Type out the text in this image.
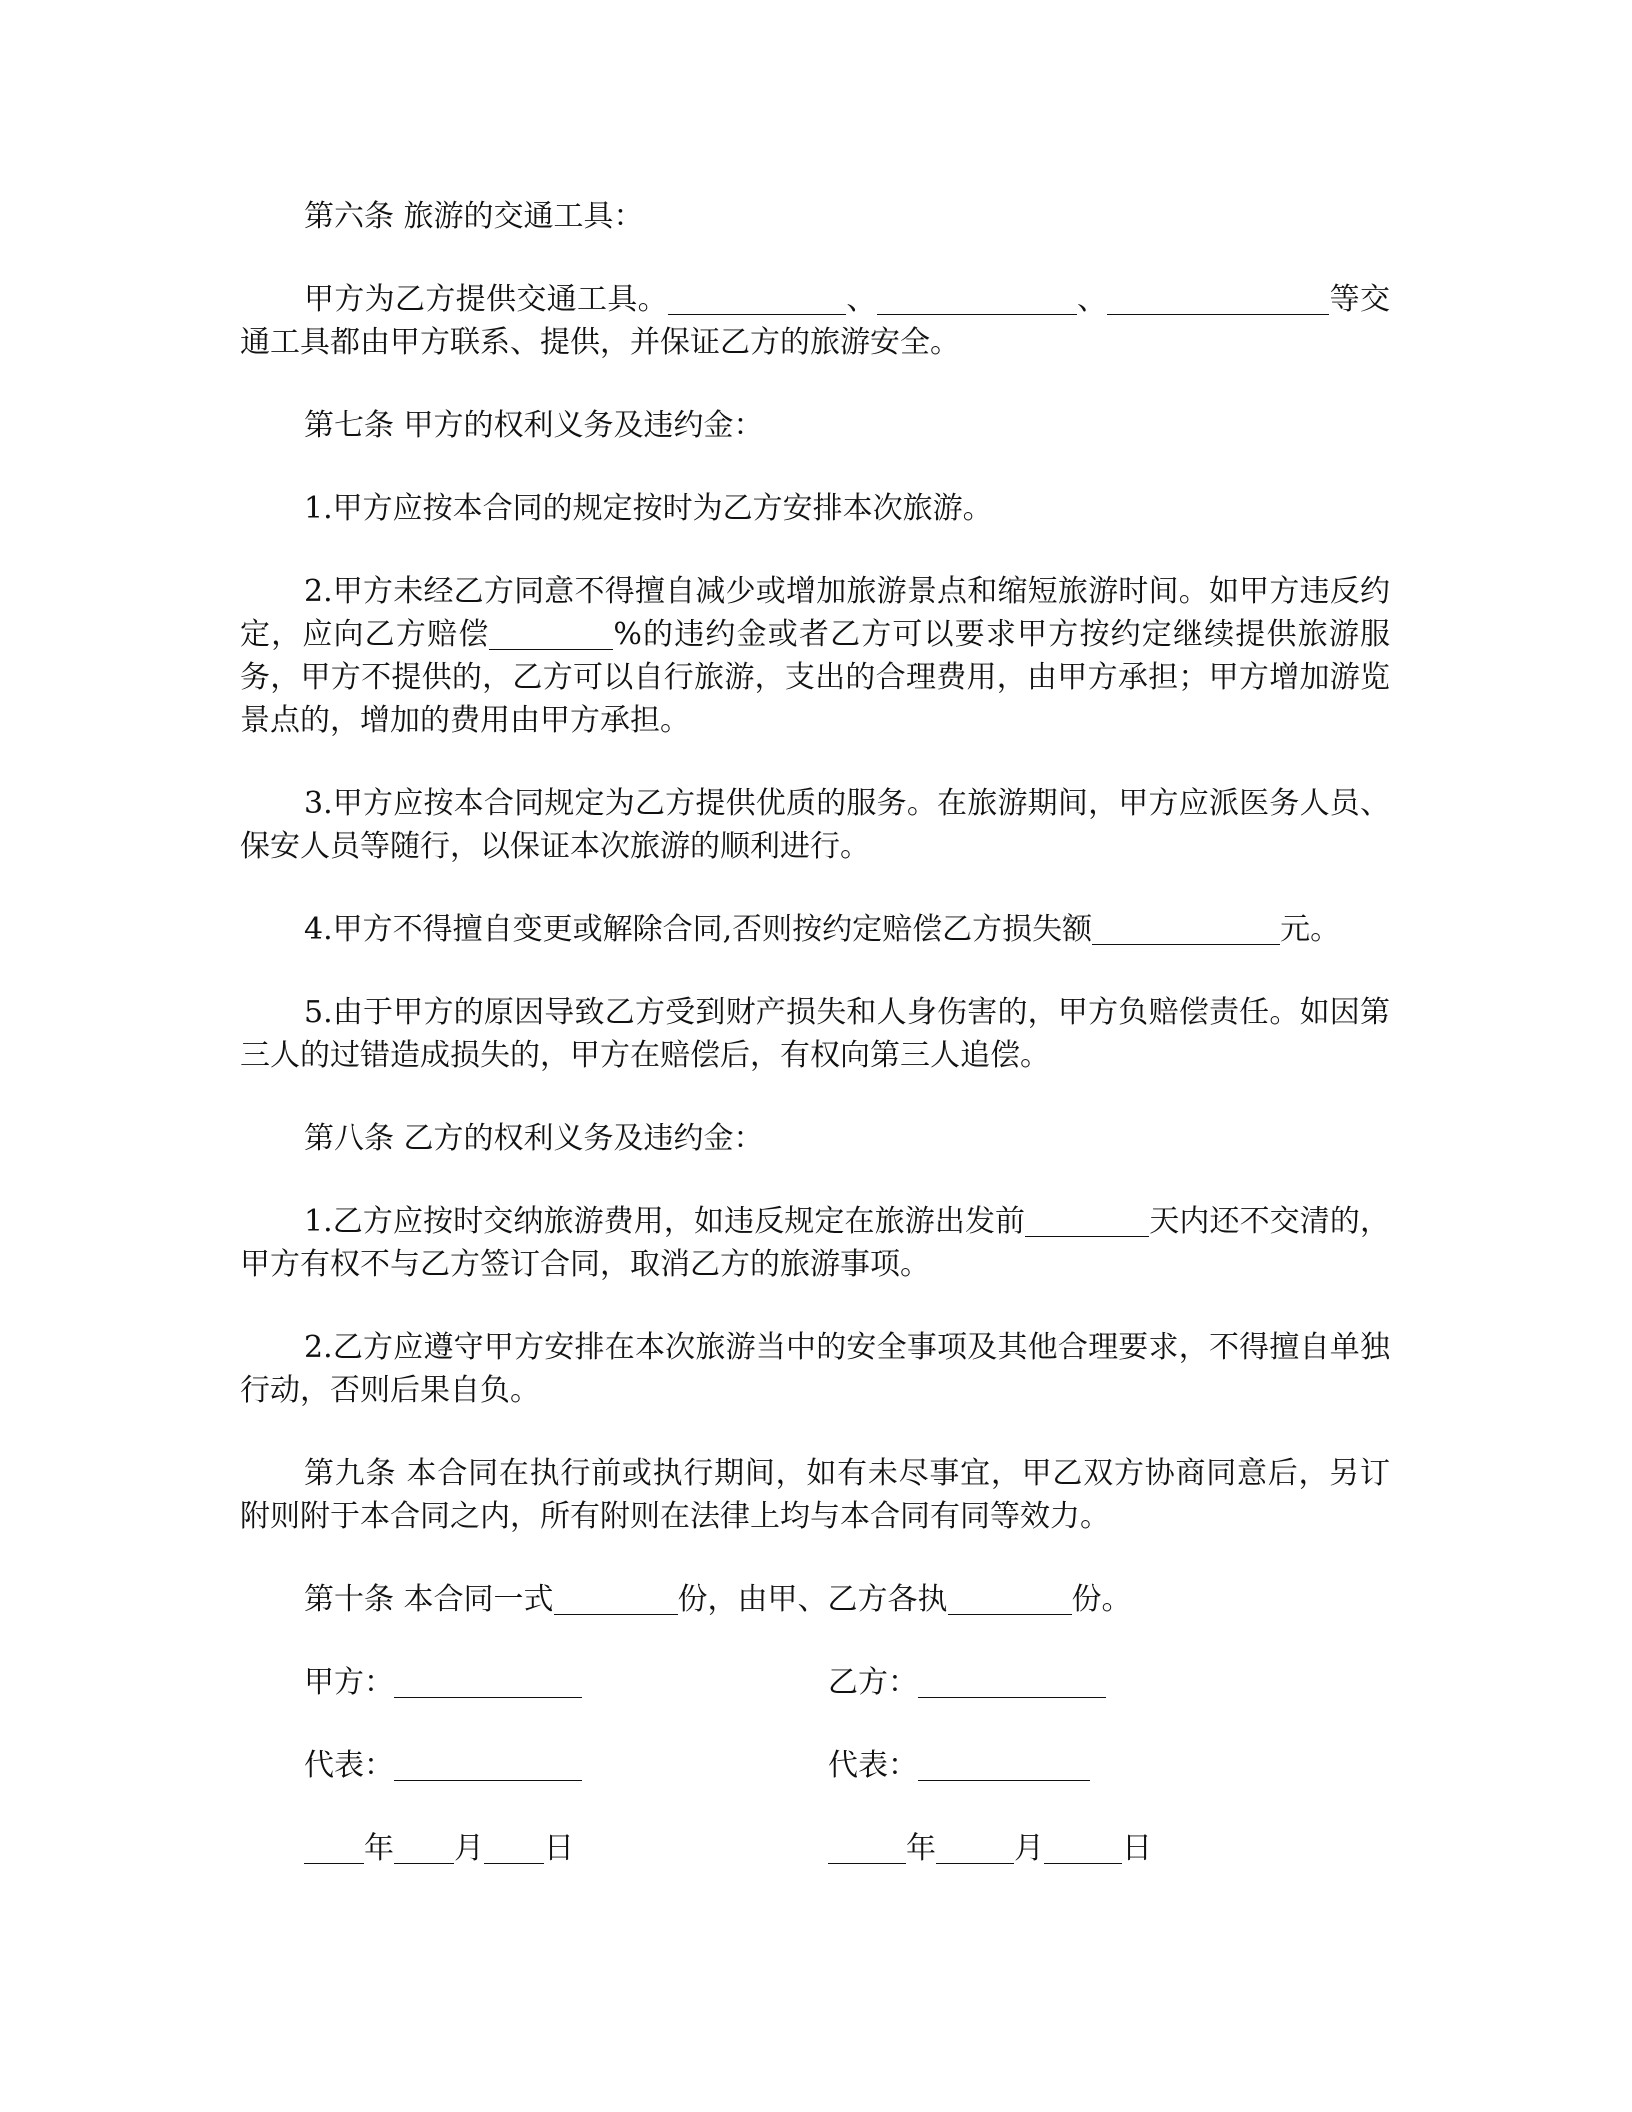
第六条 旅游的交通工具：

甲方为乙方提供交通工具。	、	、	等交通工具都由甲方联系、提供，并保证乙方的旅游安全。

第七条 甲方的权利义务及违约金：

1.甲方应按本合同的规定按时为乙方安排本次旅游。

2.甲方未经乙方同意不得擅自减少或增加旅游景点和缩短旅游时间。如甲方违反约定，应向乙方赔偿	%的违约金或者乙方可以要求甲方按约定继续提供旅游服务，甲方不提供的，乙方可以自行旅游，支出的合理费用，由甲方承担；甲方增加游览景点的，增加的费用由甲方承担。

3.甲方应按本合同规定为乙方提供优质的服务。在旅游期间，甲方应派医务人员、保安人员等随行，以保证本次旅游的顺利进行。

4.甲方不得擅自变更或解除合同,否则按约定赔偿乙方损失额	元。

5.由于甲方的原因导致乙方受到财产损失和人身伤害的，甲方负赔偿责任。如因第三人的过错造成损失的，甲方在赔偿后，有权向第三人追偿。

第八条 乙方的权利义务及违约金：

1.乙方应按时交纳旅游费用，如违反规定在旅游出发前	天内还不交清的，甲方有权不与乙方签订合同，取消乙方的旅游事项。

2.乙方应遵守甲方安排在本次旅游当中的安全事项及其他合理要求，不得擅自单独行动，否则后果自负。

第九条 本合同在执行前或执行期间，如有未尽事宜，甲乙双方协商同意后，另订附则附于本合同之内，所有附则在法律上均与本合同有同等效力。

第十条 本合同一式	份，由甲、乙方各执	份。

甲方：	乙方：
代表：	代表：
年 月 日	年	月	日
